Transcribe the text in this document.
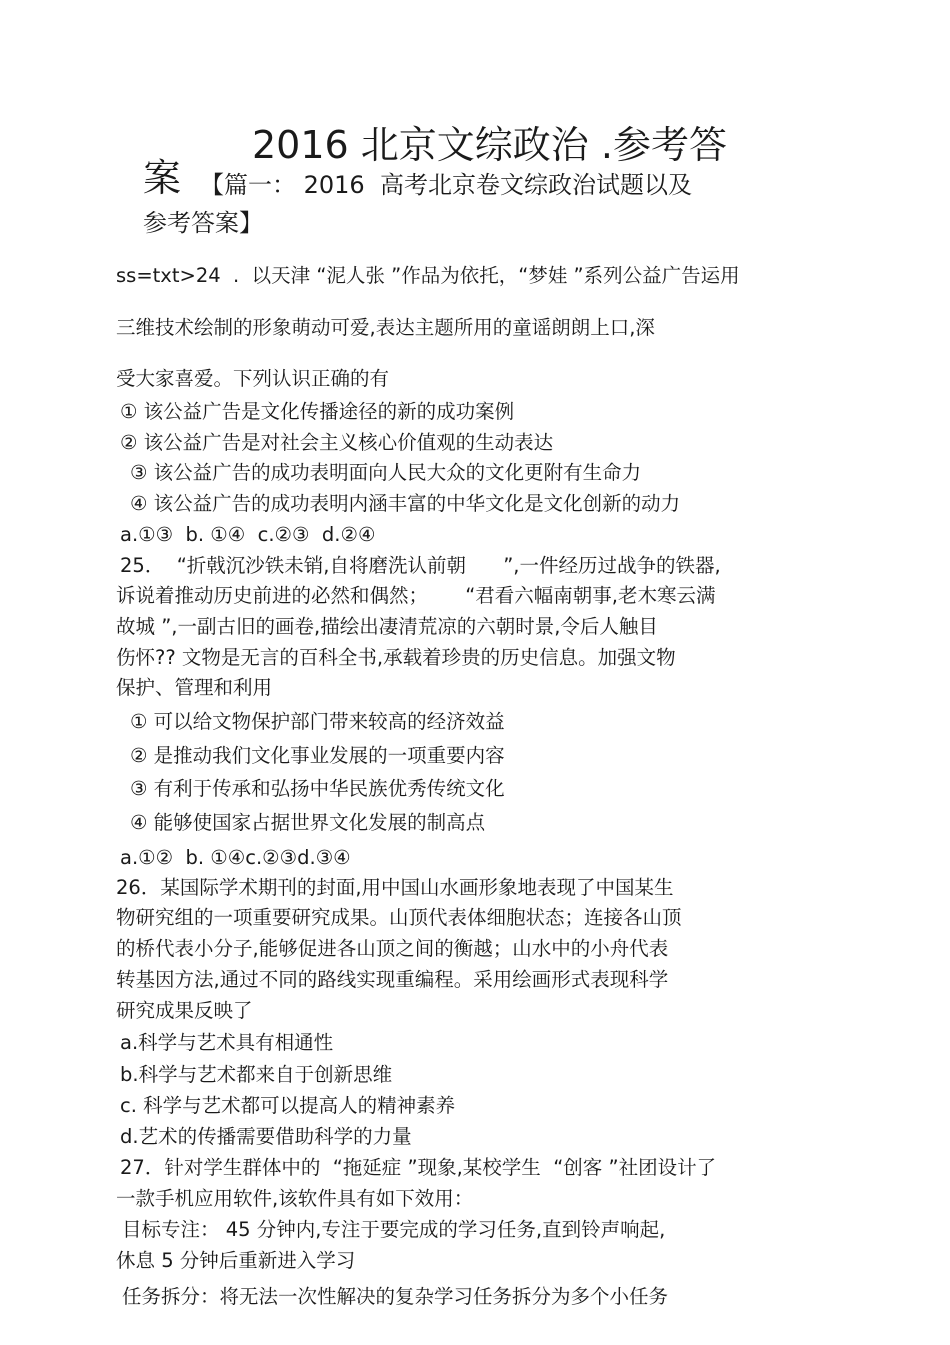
2016 北京文综政治 .参考答
案 【篇一： 2016  高考北京卷文综政治试题以及
参考答案】
ss=txt>24  .  以天津 “泥人张 ”作品为依托，“梦娃 ”系列公益广告运用
三维技术绘制的形象萌动可爱,表达主题所用的童谣朗朗上口,深
受大家喜爱。下列认识正确的有
① 该公益广告是文化传播途径的新的成功案例
② 该公益广告是对社会主义核心价值观的生动表达
③ 该公益广告的成功表明面向人民大众的文化更附有生命力
④ 该公益广告的成功表明内涵丰富的中华文化是文化创新的动力
a.①③  b. ①④  c.②③  d.②④
25．  “折戟沉沙铁未销,自将磨洗认前朝      ”,一件经历过战争的铁器,
诉说着推动历史前进的必然和偶然；      “君看六幅南朝事,老木寒云满
故城 ”,一副古旧的画卷,描绘出凄清荒凉的六朝时景,令后人触目
伤怀?? 文物是无言的百科全书,承载着珍贵的历史信息。加强文物
保护、管理和利用
① 可以给文物保护部门带来较高的经济效益
② 是推动我们文化事业发展的一项重要内容
③ 有利于传承和弘扬中华民族优秀传统文化
④ 能够使国家占据世界文化发展的制高点
a.①②  b. ①④c.②③d.③④
26．某国际学术期刊的封面,用中国山水画形象地表现了中国某生
物研究组的一项重要研究成果。山顶代表体细胞状态；连接各山顶
的桥代表小分子,能够促进各山顶之间的衡越；山水中的小舟代表
转基因方法,通过不同的路线实现重编程。采用绘画形式表现科学
研究成果反映了
a.科学与艺术具有相通性
b.科学与艺术都来自于创新思维
c. 科学与艺术都可以提高人的精神素养
d.艺术的传播需要借助科学的力量
27．针对学生群体中的  “拖延症 ”现象,某校学生  “创客 ”社团设计了
一款手机应用软件,该软件具有如下效用：
目标专注： 45 分钟内,专注于要完成的学习任务,直到铃声响起,
休息 5 分钟后重新进入学习
任务拆分：将无法一次性解决的复杂学习任务拆分为多个小任务
